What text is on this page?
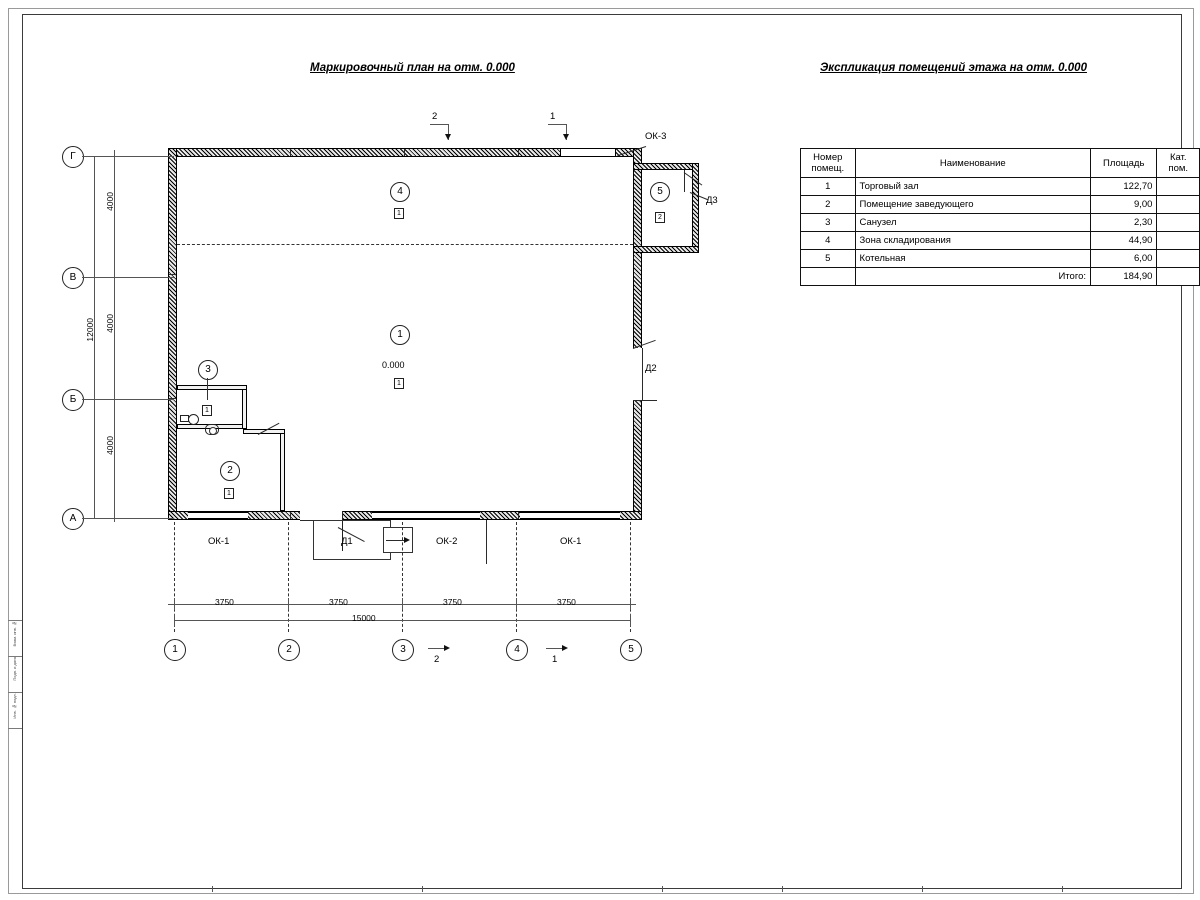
Взам. инв. №
Подп. и дата
Инв. № подл.
Маркировочный план на отм. 0.000	Экспликация помещений этажа на отм. 0.000
Номер
помещ.	Наименование	Площадь	Кат.
пом.

1	Торговый зал	122,70	
2	Помещение заведующего	9,00	
3	Санузел	2,30	
4	Зона складирования	44,90	
5	Котельная	6,00	
	Итого:	184,90	
4
1
1
0.000
1
3
1
2
1
5
2
ОК-1	ОК-2	ОК-1
ОК-3
Д1
Д2
Д3
2	1
2	1
Г
В
Б
А
4000
4000
4000
12000
3750	3750	3750	3750
15000
1	2	3	4	5
